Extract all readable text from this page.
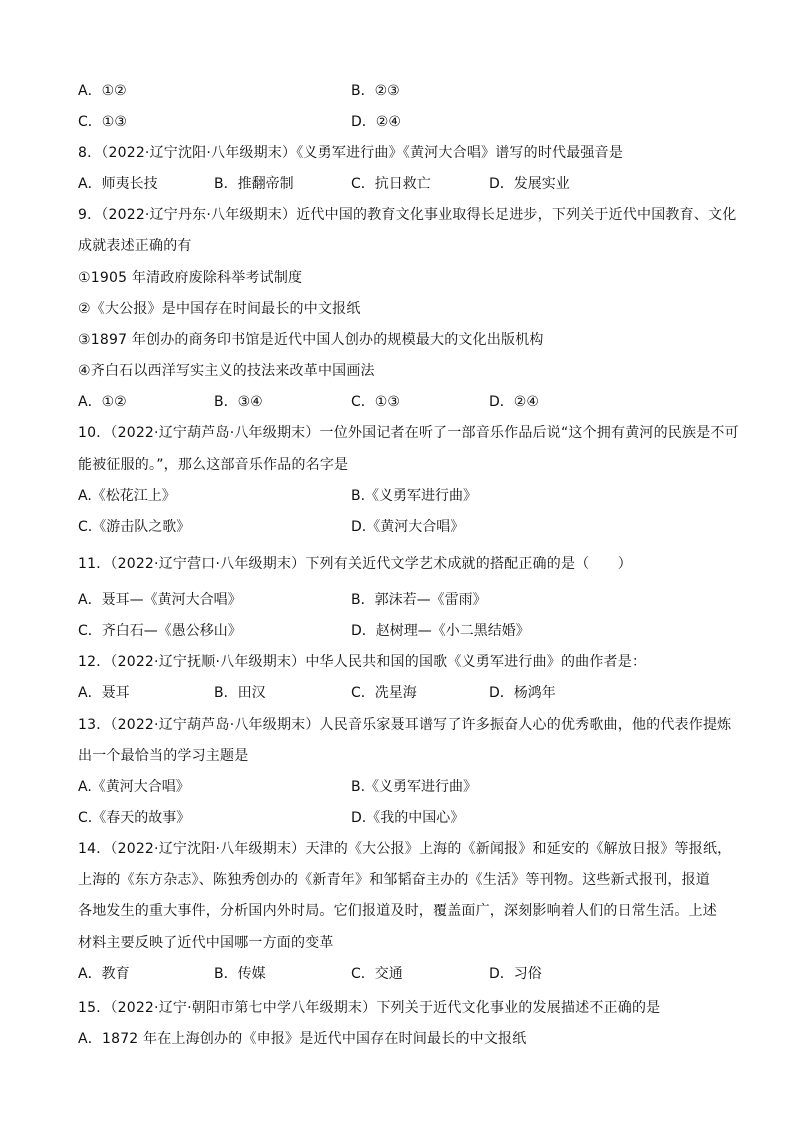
A．①②	B．②③
C．①③	D．②④
8．（2022·辽宁沈阳·八年级期末）《义勇军进行曲》《黄河大合唱》谱写的时代最强音是
A．师夷长技	B．推翻帝制	C．抗日救亡	D．发展实业
9．（2022·辽宁丹东·八年级期末）近代中国的教育文化事业取得长足进步，下列关于近代中国教育、文化
成就表述正确的有
①1905 年清政府废除科举考试制度
②《大公报》是中国存在时间最长的中文报纸
③1897 年创办的商务印书馆是近代中国人创办的规模最大的文化出版机构
④齐白石以西洋写实主义的技法来改革中国画法
A．①②	B．③④	C．①③	D．②④
10．（2022·辽宁葫芦岛·八年级期末）一位外国记者在听了一部音乐作品后说“这个拥有黄河的民族是不可
能被征服的。”，那么这部音乐作品的名字是
A.《松花江上》	B.《义勇军进行曲》
C.《游击队之歌》	D.《黄河大合唱》
11．（2022·辽宁营口·八年级期末）下列有关近代文学艺术成就的搭配正确的是（　　）
A．聂耳—《黄河大合唱》	B．郭沫若—《雷雨》
C．齐白石—《愚公移山》	D．赵树理—《小二黑结婚》
12．（2022·辽宁抚顺·八年级期末）中华人民共和国的国歌《义勇军进行曲》的曲作者是：
A．聂耳	B．田汉	C．冼星海	D．杨鸿年
13．（2022·辽宁葫芦岛·八年级期末）人民音乐家聂耳谱写了许多振奋人心的优秀歌曲，他的代表作提炼
出一个最恰当的学习主题是
A.《黄河大合唱》	B.《义勇军进行曲》
C.《春天的故事》	D.《我的中国心》
14．（2022·辽宁沈阳·八年级期末）天津的《大公报》上海的《新闻报》和延安的《解放日报》等报纸，
上海的《东方杂志》、陈独秀创办的《新青年》和邹韬奋主办的《生活》等刊物。这些新式报刊，报道
各地发生的重大事件，分析国内外时局。它们报道及时，覆盖面广，深刻影响着人们的日常生活。上述
材料主要反映了近代中国哪一方面的变革
A．教育	B．传媒	C．交通	D．习俗
15．（2022·辽宁·朝阳市第七中学八年级期末）下列关于近代文化事业的发展描述不正确的是
A．1872 年在上海创办的《申报》是近代中国存在时间最长的中文报纸
